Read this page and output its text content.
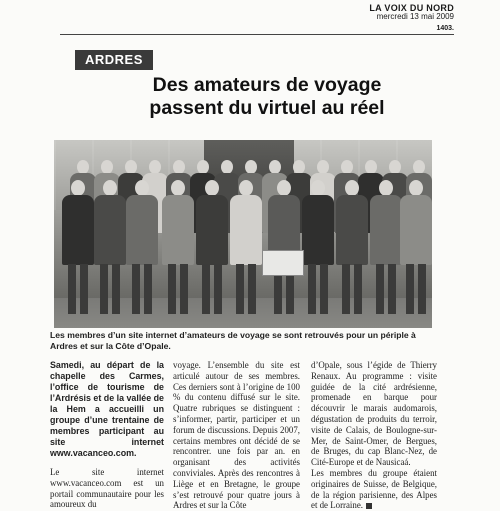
LA VOIX DU NORD
mercredi 13 mai 2009
1403.

ARDRES
Des amateurs de voyage
passent du virtuel au réel
Les membres d’un site internet d’amateurs de voyage se sont retrouvés pour un périple à Ardres et sur la Côte d’Opale.

Samedi, au départ de la chapelle des Carmes, l’office de tourisme de l’Ardrésis et de la vallée de la Hem a accueilli un groupe d’une trentaine de membres participant au site internet www.vacanceo.com.

Le site internet www.vacanceo.com est un portail communautaire pour les amoureux du

voyage. L’ensemble du site est articulé autour de ses membres. Ces derniers sont à l’origine de 100 % du contenu diffusé sur le site. Quatre rubriques se distinguent : s’informer, partir, participer et un forum de discussions. Depuis 2007, certains membres ont décidé de se rencontrer. une fois par an. en organisant des activités conviviales. Après des rencontres à Liège et en Bretagne, le groupe s’est retrouvé pour quatre jours à Ardres et sur la Côte

d’Opale, sous l’égide de Thierry Renaux. Au programme : visite guidée de la cité ardrésienne, promenade en barque pour découvrir le marais audomarois, dégustation de produits du terroir, visite de Calais, de Boulogne-sur-Mer, de Saint-Omer, de Bergues, de Bruges, du cap Blanc-Nez, de Cité-Europe et de Nausicaá.

Les membres du groupe étaient originaires de Suisse, de Belgique, de la région parisienne, des Alpes et de Lorraine.
